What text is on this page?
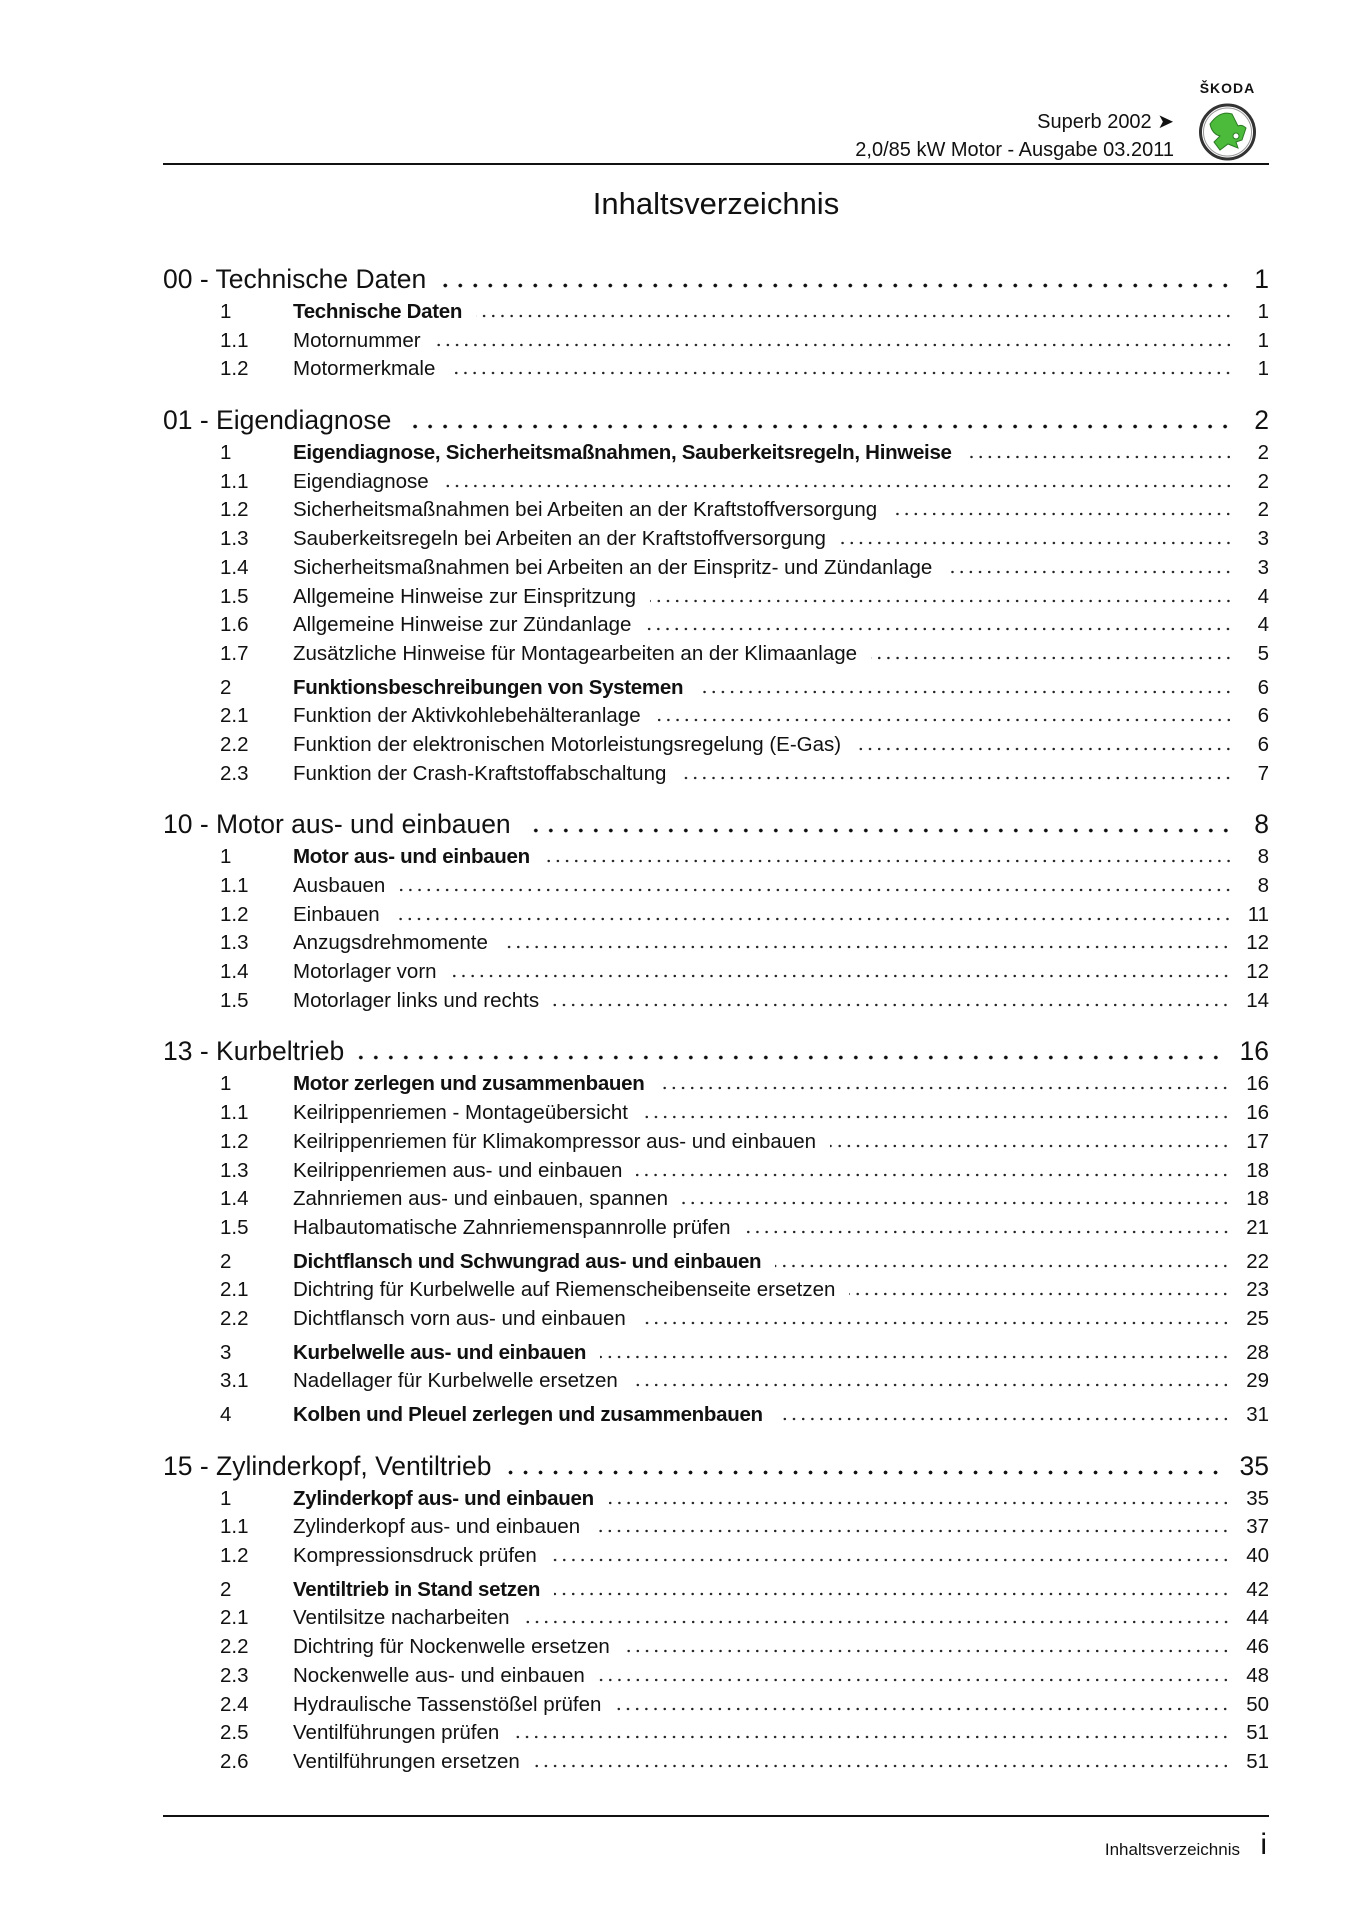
Superb 2002 ➤
2,0/85 kW Motor - Ausgabe 03.2011
ŠKODA
Inhaltsverzeichnis
00 - Technische Daten	1
1	Technische Daten	1
1.1	Motornummer	1
1.2	Motormerkmale	1
01 - Eigendiagnose	2
1	Eigendiagnose, Sicherheitsmaßnahmen, Sauberkeitsregeln, Hinweise	2
1.1	Eigendiagnose	2
1.2	Sicherheitsmaßnahmen bei Arbeiten an der Kraftstoffversorgung	2
1.3	Sauberkeitsregeln bei Arbeiten an der Kraftstoffversorgung	3
1.4	Sicherheitsmaßnahmen bei Arbeiten an der Einspritz- und Zündanlage	3
1.5	Allgemeine Hinweise zur Einspritzung	4
1.6	Allgemeine Hinweise zur Zündanlage	4
1.7	Zusätzliche Hinweise für Montagearbeiten an der Klimaanlage	5
2	Funktionsbeschreibungen von Systemen	6
2.1	Funktion der Aktivkohlebehälteranlage	6
2.2	Funktion der elektronischen Motorleistungsregelung (E-Gas)	6
2.3	Funktion der Crash-Kraftstoffabschaltung	7
10 - Motor aus- und einbauen	8
1	Motor aus- und einbauen	8
1.1	Ausbauen	8
1.2	Einbauen	11
1.3	Anzugsdrehmomente	12
1.4	Motorlager vorn	12
1.5	Motorlager links und rechts	14
13 - Kurbeltrieb	16
1	Motor zerlegen und zusammenbauen	16
1.1	Keilrippenriemen - Montageübersicht	16
1.2	Keilrippenriemen für Klimakompressor aus- und einbauen	17
1.3	Keilrippenriemen aus- und einbauen	18
1.4	Zahnriemen aus- und einbauen, spannen	18
1.5	Halbautomatische Zahnriemenspannrolle prüfen	21
2	Dichtflansch und Schwungrad aus- und einbauen	22
2.1	Dichtring für Kurbelwelle auf Riemenscheibenseite ersetzen	23
2.2	Dichtflansch vorn aus- und einbauen	25
3	Kurbelwelle aus- und einbauen	28
3.1	Nadellager für Kurbelwelle ersetzen	29
4	Kolben und Pleuel zerlegen und zusammenbauen	31
15 - Zylinderkopf, Ventiltrieb	35
1	Zylinderkopf aus- und einbauen	35
1.1	Zylinderkopf aus- und einbauen	37
1.2	Kompressionsdruck prüfen	40
2	Ventiltrieb in Stand setzen	42
2.1	Ventilsitze nacharbeiten	44
2.2	Dichtring für Nockenwelle ersetzen	46
2.3	Nockenwelle aus- und einbauen	48
2.4	Hydraulische Tassenstößel prüfen	50
2.5	Ventilführungen prüfen	51
2.6	Ventilführungen ersetzen	51
Inhaltsverzeichnis i
